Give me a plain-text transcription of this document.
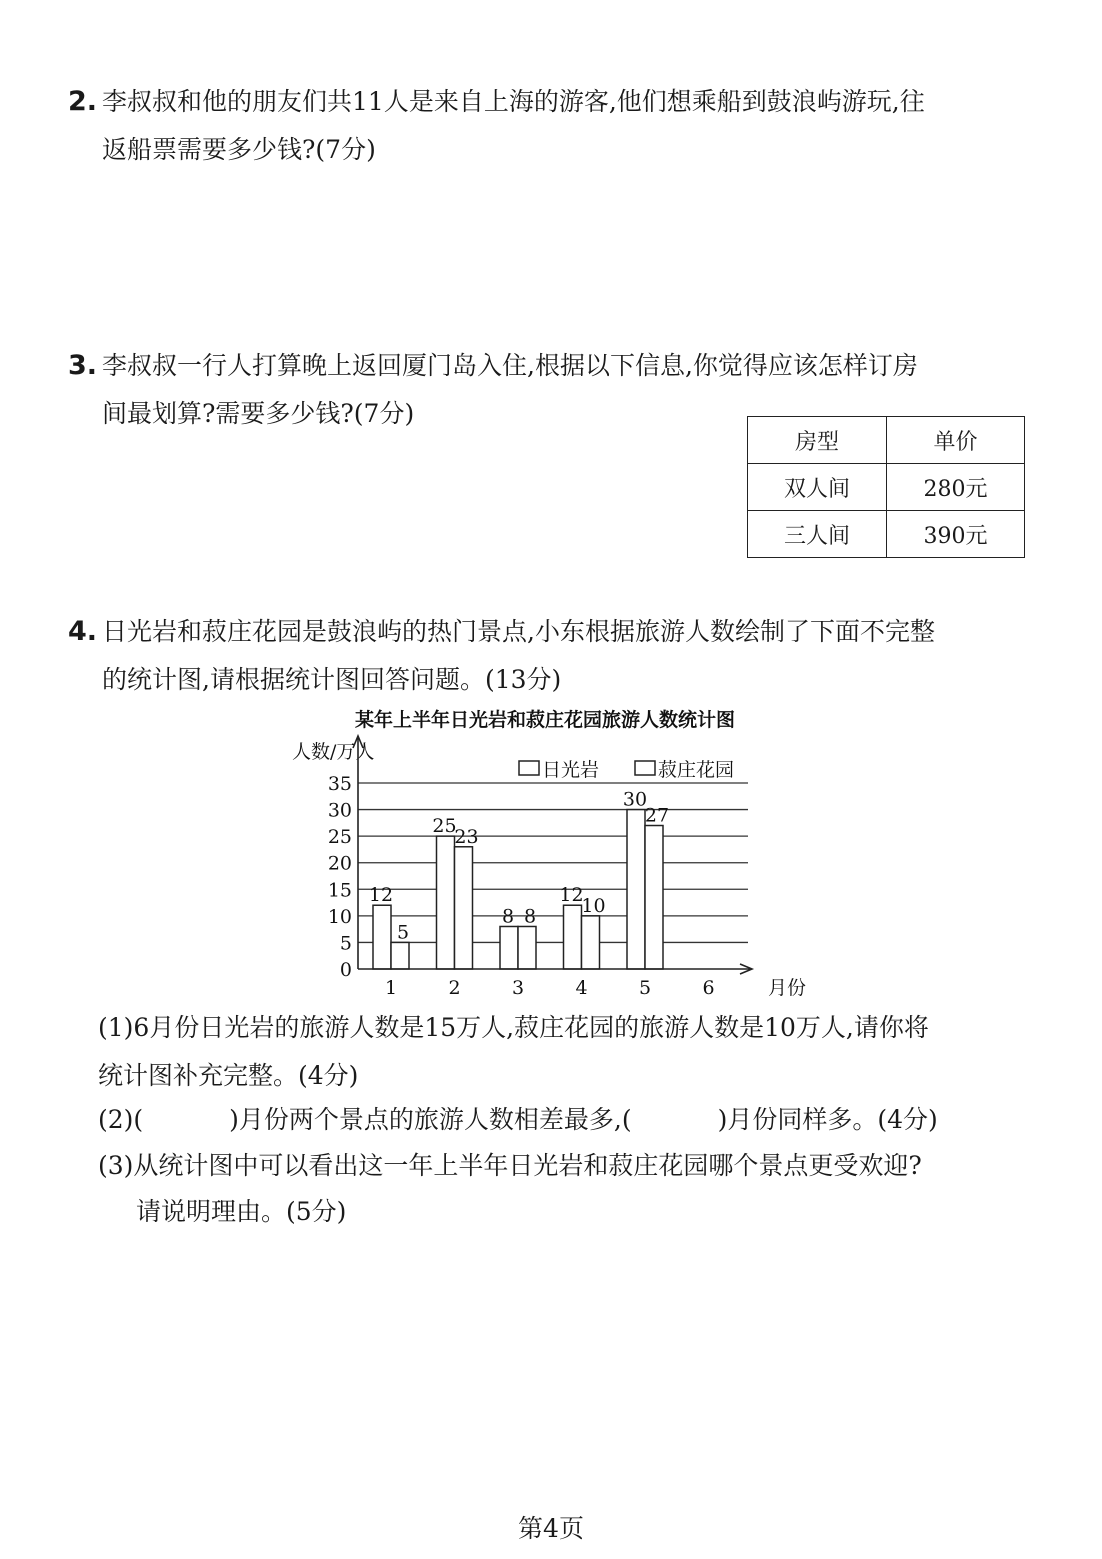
2. 李叔叔和他的朋友们共11人是来自上海的游客,他们想乘船到鼓浪屿游玩,往
返船票需要多少钱?(7分)
3. 李叔叔一行人打算晚上返回厦门岛入住,根据以下信息,你觉得应该怎样订房
间最划算?需要多少钱?(7分)
房型	单价
双人间	280元
三人间	390元
4. 日光岩和菽庄花园是鼓浪屿的热门景点,小东根据旅游人数绘制了下面不完整
的统计图,请根据统计图回答问题。(13分)
某年上半年日光岩和菽庄花园旅游人数统计图
人数/万人
月份
日光岩	菽庄花园
0
5
10
15
20
25
30
35
12
5
25
23
8 8
12
10
30
27
1	2	3	4	5	6
(1)6月份日光岩的旅游人数是15万人,菽庄花园的旅游人数是10万人,请你将
统计图补充完整。(4分)
(2)(	)月份两个景点的旅游人数相差最多,(	)月份同样多。(4分)
(3)从统计图中可以看出这一年上半年日光岩和菽庄花园哪个景点更受欢迎?
请说明理由。(5分)
第4页
